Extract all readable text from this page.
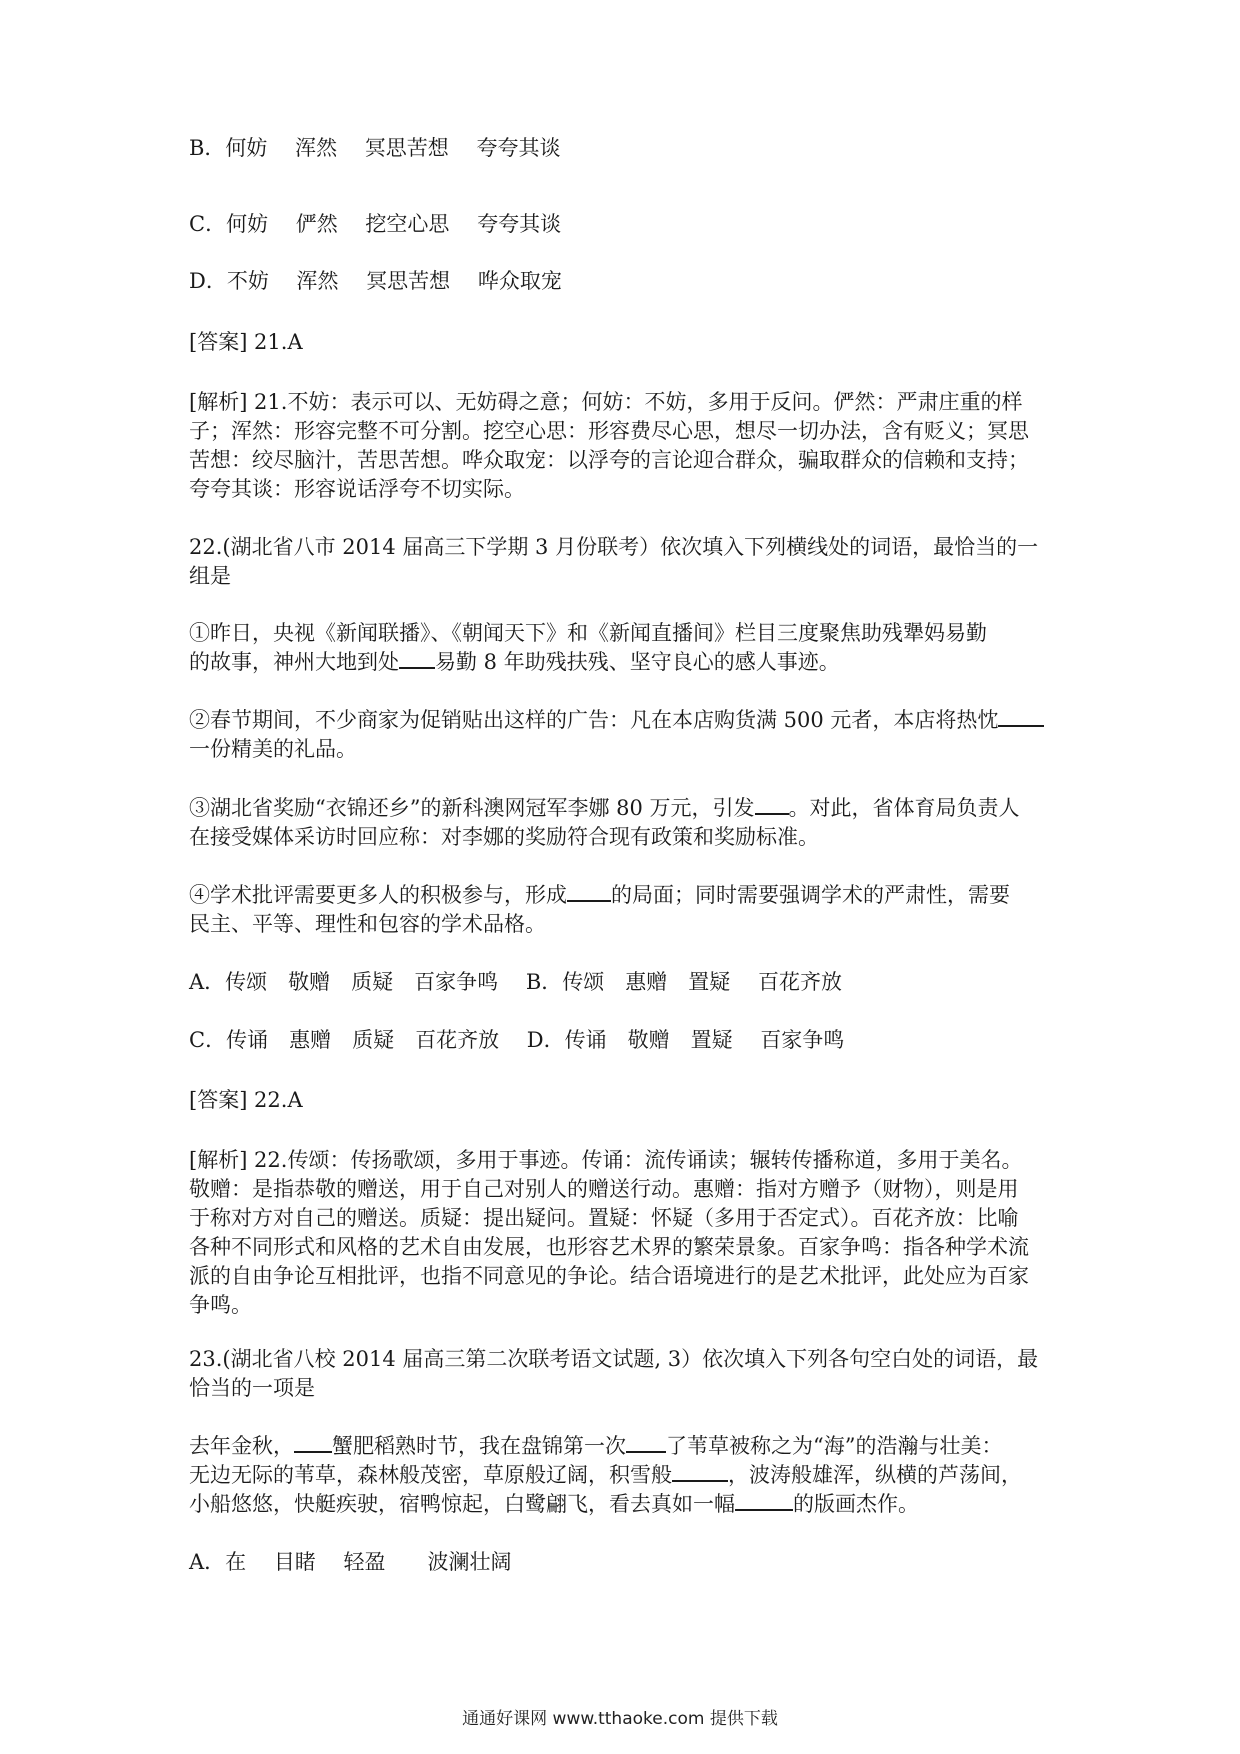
B．何妨　 浑然　 冥思苦想　 夸夸其谈
C．何妨　 俨然　 挖空心思　 夸夸其谈
D．不妨　 浑然　 冥思苦想　 哗众取宠
[答案] 21.A
[解析] 21.不妨：表示可以、无妨碍之意；何妨：不妨，多用于反问。俨然：严肃庄重的样
子；浑然：形容完整不可分割。挖空心思：形容费尽心思，想尽一切办法，含有贬义；冥思
苦想：绞尽脑汁，苦思苦想。哗众取宠：以浮夸的言论迎合群众，骗取群众的信赖和支持；
夸夸其谈：形容说话浮夸不切实际。
22.(湖北省八市 2014 届高三下学期 3 月份联考）依次填入下列横线处的词语，最恰当的一
组是
①昨日，央视《新闻联播》、《朝闻天下》和《新闻直播间》栏目三度聚焦助残犟妈易勤
的故事，神州大地到处 易勤 8 年助残扶残、坚守良心的感人事迹。
②春节期间，不少商家为促销贴出这样的广告：凡在本店购货满 500 元者，本店将热忱
一份精美的礼品。
③湖北省奖励“衣锦还乡”的新科澳网冠军李娜 80 万元，引发 。对此，省体育局负责人
在接受媒体采访时回应称：对李娜的奖励符合现有政策和奖励标准。
④学术批评需要更多人的积极参与，形成 的局面；同时需要强调学术的严肃性，需要
民主、平等、理性和包容的学术品格。
A．传颂　敬赠　质疑　百家争鸣　 B．传颂　惠赠　置疑　 百花齐放
C．传诵　惠赠　质疑　百花齐放　 D．传诵　敬赠　置疑　 百家争鸣
[答案] 22.A
[解析] 22.传颂：传扬歌颂，多用于事迹。传诵：流传诵读；辗转传播称道，多用于美名。
敬赠：是指恭敬的赠送，用于自己对别人的赠送行动。惠赠：指对方赠予（财物），则是用
于称对方对自己的赠送。质疑：提出疑问。置疑：怀疑（多用于否定式）。百花齐放：比喻
各种不同形式和风格的艺术自由发展，也形容艺术界的繁荣景象。百家争鸣：指各种学术流
派的自由争论互相批评，也指不同意见的争论。结合语境进行的是艺术批评，此处应为百家
争鸣。
23.(湖北省八校 2014 届高三第二次联考语文试题, 3）依次填入下列各句空白处的词语，最
恰当的一项是
去年金秋， 蟹肥稻熟时节，我在盘锦第一次 了苇草被称之为“海”的浩瀚与壮美：
无边无际的苇草，森林般茂密，草原般辽阔，积雪般	，波涛般雄浑，纵横的芦荡间，
小船悠悠，快艇疾驶，宿鸭惊起，白鹭翩飞，看去真如一幅	的版画杰作。
A．在　 目睹　 轻盈　　波澜壮阔
通通好课网 www.tthaoke.com 提供下载
